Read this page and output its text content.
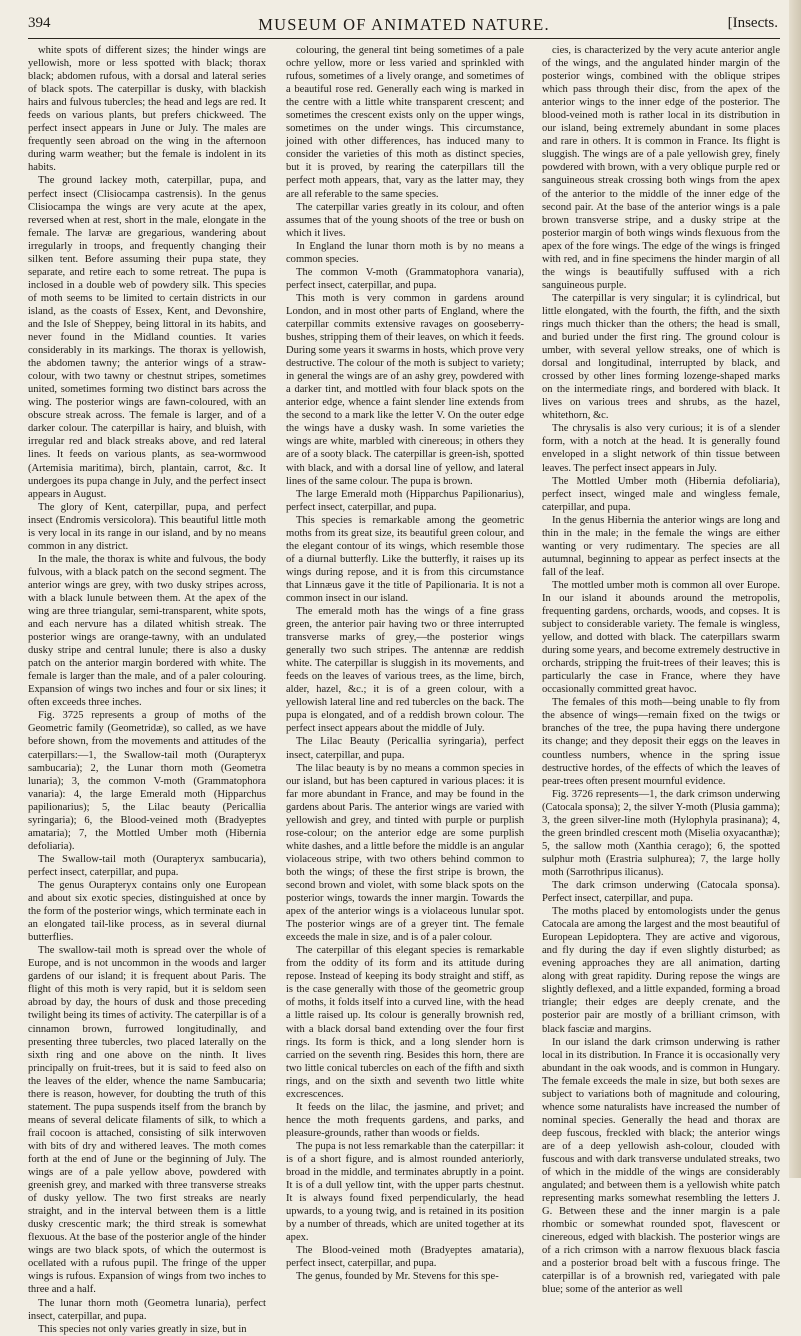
394	MUSEUM OF ANIMATED NATURE.	[Insects.

white spots of different sizes; the hinder wings are yellowish, more or less spotted with black; thorax black; abdomen rufous, with a dorsal and lateral series of black spots. The caterpillar is dusky, with blackish hairs and fulvous tubercles; the head and legs are red. It feeds on various plants, but prefers chickweed. The perfect insect appears in June or July. The males are frequently seen abroad on the wing in the afternoon during warm weather; but the female is indolent in its habits.

The ground lackey moth, caterpillar, pupa, and perfect insect (Clisiocampa castrensis). In the genus Clisiocampa the wings are very acute at the apex, reversed when at rest, short in the male, elongate in the female. The larvæ are gregarious, wandering about irregularly in troops, and frequently changing their silken tent. Before assuming their pupa state, they separate, and retire each to some retreat. The pupa is inclosed in a double web of powdery silk. This species of moth seems to be limited to certain districts in our island, as the coasts of Essex, Kent, and Devonshire, and the Isle of Sheppey, being littoral in its habits, and never found in the Midland counties. It varies considerably in its markings. The thorax is yellowish, the abdomen tawny; the anterior wings of a straw-colour, with two tawny or chestnut stripes, sometimes united, sometimes forming two distinct bars across the wing. The posterior wings are fawn-coloured, with an obscure streak across. The female is larger, and of a darker colour. The caterpillar is hairy, and bluish, with irregular red and black streaks above, and red lateral lines. It feeds on various plants, as sea-wormwood (Artemisia maritima), birch, plantain, carrot, &c. It undergoes its pupa change in July, and the perfect insect appears in August.

The glory of Kent, caterpillar, pupa, and perfect insect (Endromis versicolora). This beautiful little moth is very local in its range in our island, and by no means common in any district.

In the male, the thorax is white and fulvous, the body fulvous, with a black patch on the second segment. The anterior wings are grey, with two dusky stripes across, with a black lunule between them. At the apex of the wing are three triangular, semi-transparent, white spots, and each nervure has a dilated whitish streak. The posterior wings are orange-tawny, with an undulated dusky stripe and central lunule; there is also a dusky patch on the anterior margin bordered with white. The female is larger than the male, and of a paler colouring. Expansion of wings two inches and four or six lines; it often exceeds three inches.

Fig. 3725 represents a group of moths of the Geometric family (Geometridæ), so called, as we have before shown, from the movements and attitudes of the caterpillars:—1, the Swallow-tail moth (Ourapteryx sambucaria); 2, the Lunar thorn moth (Geometra lunaria); 3, the common V-moth (Grammatophora vanaria): 4, the large Emerald moth (Hipparchus papilionarius); 5, the Lilac beauty (Pericallia syringaria); 6, the Blood-veined moth (Bradyeptes amataria); 7, the Mottled Umber moth (Hibernia defoliaria).

The Swallow-tail moth (Ourapteryx sambucaria), perfect insect, caterpillar, and pupa.

The genus Ourapteryx contains only one European and about six exotic species, distinguished at once by the form of the posterior wings, which terminate each in an elongated tail-like process, as in several diurnal butterflies.

The swallow-tail moth is spread over the whole of Europe, and is not uncommon in the woods and larger gardens of our island; it is frequent about Paris. The flight of this moth is very rapid, but it is seldom seen abroad by day, the hours of dusk and those preceding twilight being its times of activity. The caterpillar is of a cinnamon brown, furrowed longitudinally, and presenting three tubercles, two placed laterally on the sixth ring and one above on the ninth. It lives principally on fruit-trees, but it is said to feed also on the leaves of the elder, whence the name Sambucaria; there is reason, however, for doubting the truth of this statement. The pupa suspends itself from the branch by means of several delicate filaments of silk, to which a frail cocoon is attached, consisting of silk interwoven with bits of dry and withered leaves. The moth comes forth at the end of June or the beginning of July. The wings are of a pale yellow above, powdered with greenish grey, and marked with three transverse streaks of dusky yellow. The two first streaks are nearly straight, and in the interval between them is a little dusky crescentic mark; the third streak is somewhat flexuous. At the base of the posterior angle of the hinder wings are two black spots, of which the outermost is ocellated with a rufous pupil. The fringe of the upper wings is rufous. Expansion of wings from two inches to three and a half.

The lunar thorn moth (Geometra lunaria), perfect insect, caterpillar, and pupa.

This species not only varies greatly in size, but in

colouring, the general tint being sometimes of a pale ochre yellow, more or less varied and sprinkled with rufous, sometimes of a lively orange, and sometimes of a beautiful rose red. Generally each wing is marked in the centre with a little white transparent crescent; and sometimes the crescent exists only on the upper wings, sometimes on the under wings. This circumstance, joined with other differences, has induced many to consider the varieties of this moth as distinct species, but it is proved, by rearing the caterpillars till the perfect moth appears, that, vary as the latter may, they are all referable to the same species.

The caterpillar varies greatly in its colour, and often assumes that of the young shoots of the tree or bush on which it lives.

In England the lunar thorn moth is by no means a common species.

The common V-moth (Grammatophora vanaria), perfect insect, caterpillar, and pupa.

This moth is very common in gardens around London, and in most other parts of England, where the caterpillar commits extensive ravages on gooseberry-bushes, stripping them of their leaves, on which it feeds. During some years it swarms in hosts, which prove very destructive. The colour of the moth is subject to variety; in general the wings are of an ashy grey, powdered with a darker tint, and mottled with four black spots on the anterior edge, whence a faint slender line extends from the second to a mark like the letter V. On the outer edge the wings have a dusky wash. In some varieties the wings are white, marbled with cinereous; in others they are of a sooty black. The caterpillar is green-ish, spotted with black, and with a dorsal line of yellow, and lateral lines of the same colour. The pupa is brown.

The large Emerald moth (Hipparchus Papilionarius), perfect insect, caterpillar, and pupa.

This species is remarkable among the geometric moths from its great size, its beautiful green colour, and the elegant contour of its wings, which resemble those of a diurnal butterfly. Like the butterfly, it raises up its wings during repose, and it is from this circumstance that Linnæus gave it the title of Papilionaria. It is not a common insect in our island.

The emerald moth has the wings of a fine grass green, the anterior pair having two or three interrupted transverse marks of grey,—the posterior wings generally two such stripes. The antennæ are reddish white. The caterpillar is sluggish in its movements, and feeds on the leaves of various trees, as the lime, birch, alder, hazel, &c.; it is of a green colour, with a yellowish lateral line and red tubercles on the back. The pupa is elongated, and of a reddish brown colour. The perfect insect appears about the middle of July.

The Lilac Beauty (Pericallia syringaria), perfect insect, caterpillar, and pupa.

The lilac beauty is by no means a common species in our island, but has been captured in various places: it is far more abundant in France, and may be found in the gardens about Paris. The anterior wings are varied with yellowish and grey, and tinted with purple or purplish rose-colour; on the anterior edge are some purplish white dashes, and a little before the middle is an angular violaceous stripe, with two others behind common to both the wings; of these the first stripe is brown, the second brown and violet, with some black spots on the posterior wings, towards the inner margin. Towards the apex of the anterior wings is a violaceous lunular spot. The posterior wings are of a greyer tint. The female exceeds the male in size, and is of a paler colour.

The caterpillar of this elegant species is remarkable from the oddity of its form and its attitude during repose. Instead of keeping its body straight and stiff, as is the case generally with those of the geometric group of moths, it folds itself into a curved line, with the head a little raised up. Its colour is generally brownish red, with a black dorsal band extending over the four first rings. Its form is thick, and a long slender horn is carried on the seventh ring. Besides this horn, there are two little conical tubercles on each of the fifth and sixth rings, and on the sixth and seventh two little white excrescences.

It feeds on the lilac, the jasmine, and privet; and hence the moth frequents gardens, and parks, and pleasure-grounds, rather than woods or fields.

The pupa is not less remarkable than the caterpillar: it is of a short figure, and is almost rounded anteriorly, broad in the middle, and terminates abruptly in a point. It is of a dull yellow tint, with the upper parts chestnut. It is always found fixed perpendicularly, the head upwards, to a young twig, and is retained in its position by a number of threads, which are united together at its apex.

The Blood-veined moth (Bradyeptes amataria), perfect insect, caterpillar, and pupa.

The genus, founded by Mr. Stevens for this spe-

cies, is characterized by the very acute anterior angle of the wings, and the angulated hinder margin of the posterior wings, combined with the oblique stripes which pass through their disc, from the apex of the anterior wings to the inner edge of the posterior. The blood-veined moth is rather local in its distribution in our island, being extremely abundant in some places and rare in others. It is common in France. Its flight is sluggish. The wings are of a pale yellowish grey, finely powdered with brown, with a very oblique purple red or sanguineous streak crossing both wings from the apex of the anterior to the middle of the inner edge of the second pair. At the base of the anterior wings is a pale brown transverse stripe, and a dusky stripe at the posterior margin of both wings winds flexuous from the apex of the fore wings. The edge of the wings is fringed with red, and in fine specimens the hinder margin of all the wings is beautifully suffused with a rich sanguineous purple.

The caterpillar is very singular; it is cylindrical, but little elongated, with the fourth, the fifth, and the sixth rings much thicker than the others; the head is small, and buried under the first ring. The ground colour is umber, with several yellow streaks, one of which is dorsal and longitudinal, interrupted by black, and crossed by other lines forming lozenge-shaped marks on the intermediate rings, and bordered with black. It lives on various trees and shrubs, as the hazel, whitethorn, &c.

The chrysalis is also very curious; it is of a slender form, with a notch at the head. It is generally found enveloped in a slight network of thin tissue between leaves. The perfect insect appears in July.

The Mottled Umber moth (Hibernia defoliaria), perfect insect, winged male and wingless female, caterpillar, and pupa.

In the genus Hibernia the anterior wings are long and thin in the male; in the female the wings are either wanting or very rudimentary. The species are all autumnal, beginning to appear as perfect insects at the fall of the leaf.

The mottled umber moth is common all over Europe. In our island it abounds around the metropolis, frequenting gardens, orchards, woods, and copses. It is subject to considerable variety. The female is wingless, yellow, and dotted with black. The caterpillars swarm during some years, and become extremely destructive in orchards, stripping the fruit-trees of their leaves; this is particularly the case in France, where they have occasionally committed great havoc.

The females of this moth—being unable to fly from the absence of wings—remain fixed on the twigs or branches of the tree, the pupa having there undergone its change; and they deposit their eggs on the leaves in countless numbers, whence in the spring issue destructive hordes, of the effects of which the leaves of pear-trees often present mournful evidence.

Fig. 3726 represents—1, the dark crimson underwing (Catocala sponsa); 2, the silver Y-moth (Plusia gamma); 3, the green silver-line moth (Hylophyla prasinana); 4, the green brindled crescent moth (Miselia oxyacanthæ); 5, the sallow moth (Xanthia cerago); 6, the spotted sulphur moth (Erastria sulphurea); 7, the large holly moth (Sarrothripus ilicanus).

The dark crimson underwing (Catocala sponsa). Perfect insect, caterpillar, and pupa.

The moths placed by entomologists under the genus Catocala are among the largest and the most beautiful of European Lepidoptera. They are active and vigorous, and fly during the day if even slightly disturbed; as evening approaches they are all animation, darting along with great rapidity. During repose the wings are slightly deflexed, and a little expanded, forming a broad triangle; their edges are deeply crenate, and the posterior pair are mostly of a brilliant crimson, with black fasciæ and margins.

In our island the dark crimson underwing is rather local in its distribution. In France it is occasionally very abundant in the oak woods, and is common in Hungary. The female exceeds the male in size, but both sexes are subject to variations both of magnitude and colouring, whence some naturalists have increased the number of nominal species. Generally the head and thorax are deep fuscous, freckled with black; the anterior wings are of a deep yellowish ash-colour, clouded with fuscous and with dark transverse undulated streaks, two of which in the middle of the wings are considerably angulated; and between them is a yellowish white patch representing marks somewhat resembling the letters J. G. Between these and the inner margin is a pale rhombic or somewhat rounded spot, flavescent or cinereous, edged with blackish. The posterior wings are of a rich crimson with a narrow flexuous black fascia and a posterior broad belt with a fuscous fringe. The caterpillar is of a brownish red, variegated with pale blue; some of the anterior as well
